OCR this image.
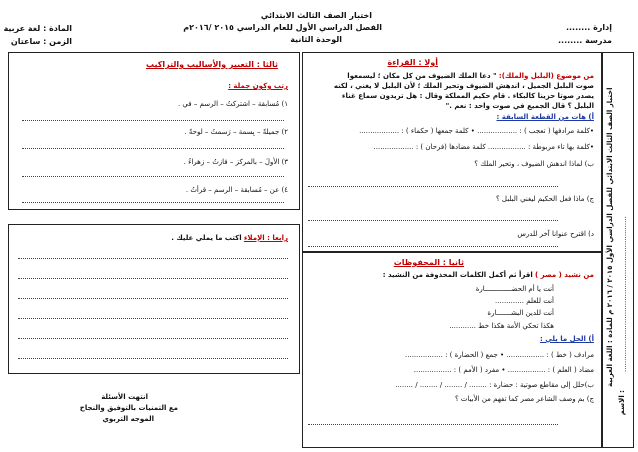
المادة : لغة عربية
الزمن : ساعتان
اختبار الصف الثالث الابتدائي
الفصل الدراسي الأول للعام الدراسي ٢٠١٥ /٢٠١٦م
الوحدة الثانية
إدارة ........
مدرسة ........
اختبار الصف الثالث الابتدائي للفصل الدراسي الأول ٢٠١٥ / ٢٠١٦ م للمادة : اللغة العربية
الاسم :
......................................................................
أولا : القراءة
من موضوع (البلبل والملك): " دعا الملك الضيوف من كل مكان ؛ ليسمعوا
صوت البلبل الجميل ، اندهش الضيوف وتحير الملك ؛ لأن البلبل لا يغني ، لكنه
يصدر صوتا حزينا كالبكاء . قام حكيم المملكة وقال : هل تريدون سماع غناء
البلبل ؟ قال الجميع في صوت واحد : نعم ."
أ) هات من القطعة السابقة :
•كلمة مرادفها ( تعجب ) : .................. • كلمة جمعها ( حكماء ) : ..................
•كلمة بها تاء مربوطة : ................. كلمة مضادها (فرحان ) : ..................
ب) لماذا اندهش الضيوف ، وتحير الملك ؟
ج) ماذا فعل الحكيم ليغني البلبل ؟
د) اقترح عنوانا آخر للدرس
ثانيا : المحفوظات
من نشيد ( مصر ) اقرأ ثم أكمل الكلمات المحذوفة من النشيد :
أنت يا أم الحضـــــــــــــارة
أنت للعلم .............
أنت للدين البشـــــــارة
هكذا تحكي الأمة هكذا خط ............
أ) الحل ما يلي :
مرادف ( خط ) : ................. • جمع ( الحضارة ) : .................
مضاد ( العلم ) : ................. • مفرد ( الأمم ) : .................
ب)حلل إلى مقاطع صوتية : حضارة : ........ / ........ / ........ / ........
ج) بم وصف الشاعر مصر كما تفهم من الأبيات ؟
ثالثا : التعبير والأساليب والتراكيب
رتب وكون جملة :
١) مُسابقة – اشتركتُ – الرسم – في .
٢) جميلةً – بِسمة – رَسمتُ – لوحةً .
٣) الأولَ – بالمركز – فازتُ – زهراءُ .
٤) عن – مُسابقة – الرسم – قرأتُ .
رابعا : الإملاء اكتب ما يملي عليك .
انتهت الأسئلة
مع التمنيات بالتوفيق والنجاح
الموجه التربوي
